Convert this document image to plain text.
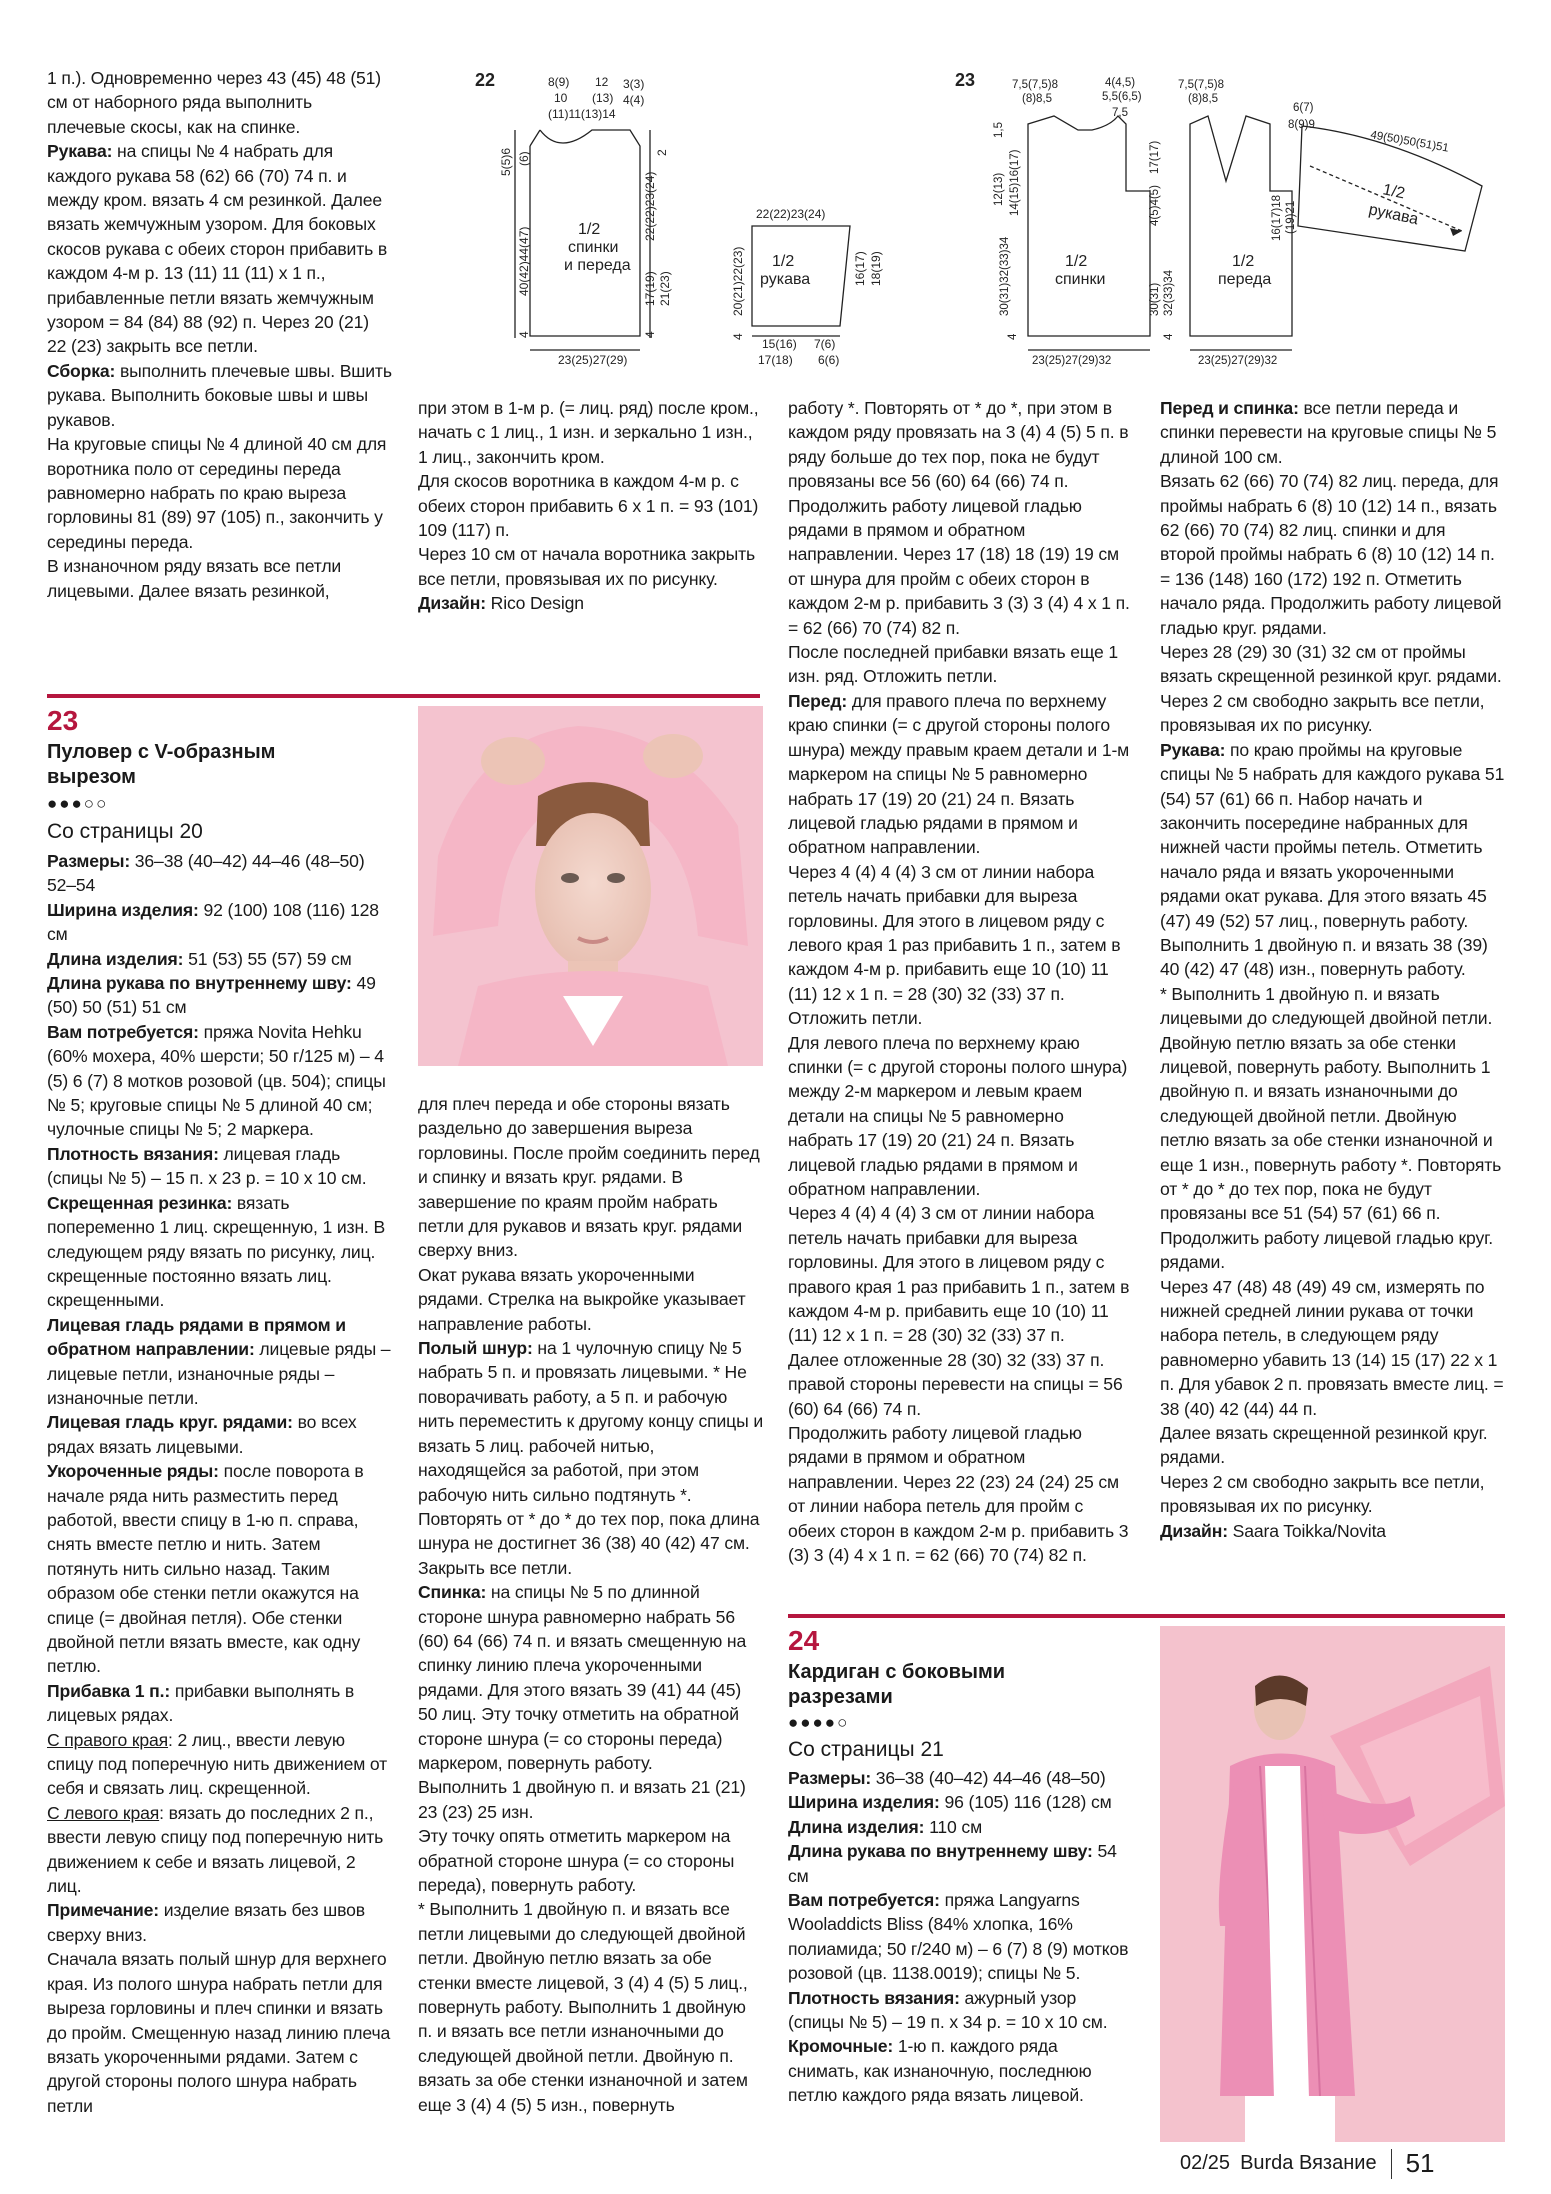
22	8(9)
10
12
(13)
3(3)
4(4)
(11)11(13)14
5(5)6 (6)
40(42)44(47)
4
2
22(22)23(24)
17(19) 21(23)
4
1/2
спинки
и переда
23(25)27(29)
22(22)23(24)
1/2
рукава
20(21)22(23)
4
16(17) 18(19)
15(16)
17(18)
7(6)
6(6)
23	7,5(7,5)8
(8)8,5
4(4,5)
5,5(6,5)
7,5
1,5
12(13) 14(15)16(17)
30(31)32(33)34
4
1/2
спинки
23(25)27(29)32
7,5(7,5)8
(8)8,5
17(17)
4(5)4(5)
30(31) 32(33)34
4
1/2
переда
23(25)27(29)32
6(7)
8(9)9
49(50)50(51)51
1/2
рукава
16(17)18 (19)21

1 п.). Одновременно через 43 (45) 48 (51) см от наборного ряда выполнить плечевые скосы, как на спинке.

Рукава: на спицы № 4 набрать для каждого рукава 58 (62) 66 (70) 74 п. и между кром. вязать 4 см резинкой. Далее вязать жемчужным узором. Для боковых скосов рукава с обеих сторон прибавить в каждом 4-м р. 13 (11) 11 (11) х 1 п., прибавленные петли вязать жемчужным узором = 84 (84) 88 (92) п. Через 20 (21) 22 (23) закрыть все петли.

Сборка: выполнить плечевые швы. Вшить рукава. Выполнить боковые швы и швы рукавов.

На круговые спицы № 4 длиной 40 см для воротника поло от середины переда равномерно набрать по краю выреза горловины 81 (89) 97 (105) п., закончить у середины переда.

В изнаночном ряду вязать все петли лицевыми. Далее вязать резинкой,

при этом в 1-м р. (= лиц. ряд) после кром., начать с 1 лиц., 1 изн. и зеркально 1 изн., 1 лиц., закончить кром.

Для скосов воротника в каждом 4-м р. с обеих сторон прибавить 6 х 1 п. = 93 (101) 109 (117) п.

Через 10 см от начала воротника закрыть все петли, провязывая их по рисунку.

Дизайн: Rico Design

23
Пуловер с V-образным вырезом
●●●○○
Со страницы 20

Размеры: 36–38 (40–42) 44–46 (48–50) 52–54

Ширина изделия: 92 (100) 108 (116) 128 см

Длина изделия: 51 (53) 55 (57) 59 см

Длина рукава по внутреннему шву: 49 (50) 50 (51) 51 см

Вам потребуется: пряжа Novita Hehku (60% мохера, 40% шерсти; 50 г/125 м) – 4 (5) 6 (7) 8 мотков розовой (цв. 504); спицы № 5; круговые спицы № 5 длиной 40 см; чулочные спицы № 5; 2 маркера.

Плотность вязания: лицевая гладь (спицы № 5) – 15 п. х 23 р. = 10 х 10 см.

Скрещенная резинка: вязать попеременно 1 лиц. скрещенную, 1 изн. В следующем ряду вязать по рисунку, лиц. скрещенные постоянно вязать лиц. скрещенными.

Лицевая гладь рядами в прямом и обратном направлении: лицевые ряды – лицевые петли, изнаночные ряды – изнаночные петли.

Лицевая гладь круг. рядами: во всех рядах вязать лицевыми.

Укороченные ряды: после поворота в начале ряда нить разместить перед работой, ввести спицу в 1-ю п. справа, снять вместе петлю и нить. Затем потянуть нить сильно назад. Таким образом обе стенки петли окажутся на спице (= двойная петля). Обе стенки двойной петли вязать вместе, как одну петлю.

Прибавка 1 п.: прибавки выполнять в лицевых рядах.

С правого края: 2 лиц., ввести левую спицу под поперечную нить движением от себя и связать лиц. скрещенной.

С левого края: вязать до последних 2 п., ввести левую спицу под поперечную нить движением к себе и вязать лицевой, 2 лиц.

Примечание: изделие вязать без швов сверху вниз.

Сначала вязать полый шнур для верхнего края. Из полого шнура набрать петли для выреза горловины и плеч спинки и вязать до пройм. Смещенную назад линию плеча вязать укороченными рядами. Затем с другой стороны полого шнура набрать петли

для плеч переда и обе стороны вязать раздельно до завершения выреза горловины. После пройм соединить перед и спинку и вязать круг. рядами. В завершение по краям пройм набрать петли для рукавов и вязать круг. рядами сверху вниз.

Окат рукава вязать укороченными рядами. Стрелка на выкройке указывает направление работы.

Полый шнур: на 1 чулочную спицу № 5 набрать 5 п. и провязать лицевыми. * Не поворачивать работу, а 5 п. и рабочую нить переместить к другому концу спицы и вязать 5 лиц. рабочей нитью, находящейся за работой, при этом рабочую нить сильно подтянуть *. Повторять от * до * до тех пор, пока длина шнура не достигнет 36 (38) 40 (42) 47 см. Закрыть все петли.

Спинка: на спицы № 5 по длинной стороне шнура равномерно набрать 56 (60) 64 (66) 74 п. и вязать смещенную на спинку линию плеча укороченными рядами. Для этого вязать 39 (41) 44 (45) 50 лиц. Эту точку отметить на обратной стороне шнура (= со стороны переда) маркером, повернуть работу.

Выполнить 1 двойную п. и вязать 21 (21) 23 (23) 25 изн.

Эту точку опять отметить маркером на обратной стороне шнура (= со стороны переда), повернуть работу.

* Выполнить 1 двойную п. и вязать все петли лицевыми до следующей двойной петли. Двойную петлю вязать за обе стенки вместе лицевой, 3 (4) 4 (5) 5 лиц., повернуть работу. Выполнить 1 двойную п. и вязать все петли изнаночными до следующей двойной петли. Двойную п. вязать за обе стенки изнаночной и затем еще 3 (4) 4 (5) 5 изн., повернуть

работу *. Повторять от * до *, при этом в каждом ряду провязать на 3 (4) 4 (5) 5 п. в ряду больше до тех пор, пока не будут провязаны все 56 (60) 64 (66) 74 п.

Продолжить работу лицевой гладью рядами в прямом и обратном направлении. Через 17 (18) 18 (19) 19 см от шнура для пройм с обеих сторон в каждом 2-м р. прибавить 3 (3) 3 (4) 4 х 1 п. = 62 (66) 70 (74) 82 п.

После последней прибавки вязать еще 1 изн. ряд. Отложить петли.

Перед: для правого плеча по верхнему краю спинки (= с другой стороны полого шнура) между правым краем детали и 1-м маркером на спицы № 5 равномерно набрать 17 (19) 20 (21) 24 п. Вязать лицевой гладью рядами в прямом и обратном направлении.

Через 4 (4) 4 (4) 3 см от линии набора петель начать прибавки для выреза горловины. Для этого в лицевом ряду с левого края 1 раз прибавить 1 п., затем в каждом 4-м р. прибавить еще 10 (10) 11 (11) 12 х 1 п. = 28 (30) 32 (33) 37 п. Отложить петли.

Для левого плеча по верхнему краю спинки (= с другой стороны полого шнура) между 2-м маркером и левым краем детали на спицы № 5 равномерно набрать 17 (19) 20 (21) 24 п. Вязать лицевой гладью рядами в прямом и обратном направлении.

Через 4 (4) 4 (4) 3 см от линии набора петель начать прибавки для выреза горловины. Для этого в лицевом ряду с правого края 1 раз прибавить 1 п., затем в каждом 4-м р. прибавить еще 10 (10) 11 (11) 12 х 1 п. = 28 (30) 32 (33) 37 п.

Далее отложенные 28 (30) 32 (33) 37 п. правой стороны перевести на спицы = 56 (60) 64 (66) 74 п.

Продолжить работу лицевой гладью рядами в прямом и обратном направлении. Через 22 (23) 24 (24) 25 см от линии набора петель для пройм с обеих сторон в каждом 2-м р. прибавить 3 (3) 3 (4) 4 х 1 п. = 62 (66) 70 (74) 82 п.

Перед и спинка: все петли переда и спинки перевести на круговые спицы № 5 длиной 100 см.

Вязать 62 (66) 70 (74) 82 лиц. переда, для проймы набрать 6 (8) 10 (12) 14 п., вязать 62 (66) 70 (74) 82 лиц. спинки и для второй проймы набрать 6 (8) 10 (12) 14 п. = 136 (148) 160 (172) 192 п. Отметить начало ряда. Продолжить работу лицевой гладью круг. рядами.

Через 28 (29) 30 (31) 32 см от проймы вязать скрещенной резинкой круг. рядами.

Через 2 см свободно закрыть все петли, провязывая их по рисунку.

Рукава: по краю проймы на круговые спицы № 5 набрать для каждого рукава 51 (54) 57 (61) 66 п. Набор начать и закончить посередине набранных для нижней части проймы петель. Отметить начало ряда и вязать укороченными рядами окат рукава. Для этого вязать 45 (47) 49 (52) 57 лиц., повернуть работу. Выполнить 1 двойную п. и вязать 38 (39) 40 (42) 47 (48) изн., повернуть работу.

* Выполнить 1 двойную п. и вязать лицевыми до следующей двойной петли. Двойную петлю вязать за обе стенки лицевой, повернуть работу. Выполнить 1 двойную п. и вязать изнаночными до следующей двойной петли. Двойную петлю вязать за обе стенки изнаночной и еще 1 изн., повернуть работу *. Повторять от * до * до тех пор, пока не будут провязаны все 51 (54) 57 (61) 66 п. Продолжить работу лицевой гладью круг. рядами.

Через 47 (48) 48 (49) 49 см, измерять по нижней средней линии рукава от точки набора петель, в следующем ряду равномерно убавить 13 (14) 15 (17) 22 х 1 п. Для убавок 2 п. провязать вместе лиц. = 38 (40) 42 (44) 44 п.

Далее вязать скрещенной резинкой круг. рядами.

Через 2 см свободно закрыть все петли, провязывая их по рисунку.

Дизайн: Saara Toikka/Novita

24
Кардиган с боковыми разрезами
●●●●○
Со страницы 21

Размеры: 36–38 (40–42) 44–46 (48–50)

Ширина изделия: 96 (105) 116 (128) см

Длина изделия: 110 см

Длина рукава по внутреннему шву: 54 см

Вам потребуется: пряжа Langyarns Wooladdicts Bliss (84% хлопка, 16% полиамида; 50 г/240 м) – 6 (7) 8 (9) мотков розовой (цв. 1138.0019); спицы № 5.

Плотность вязания: ажурный узор (спицы № 5) – 19 п. х 34 р. = 10 х 10 см.

Кромочные: 1-ю п. каждого ряда снимать, как изнаночную, последнюю петлю каждого ряда вязать лицевой.

02/25 Burda Вязание 51
